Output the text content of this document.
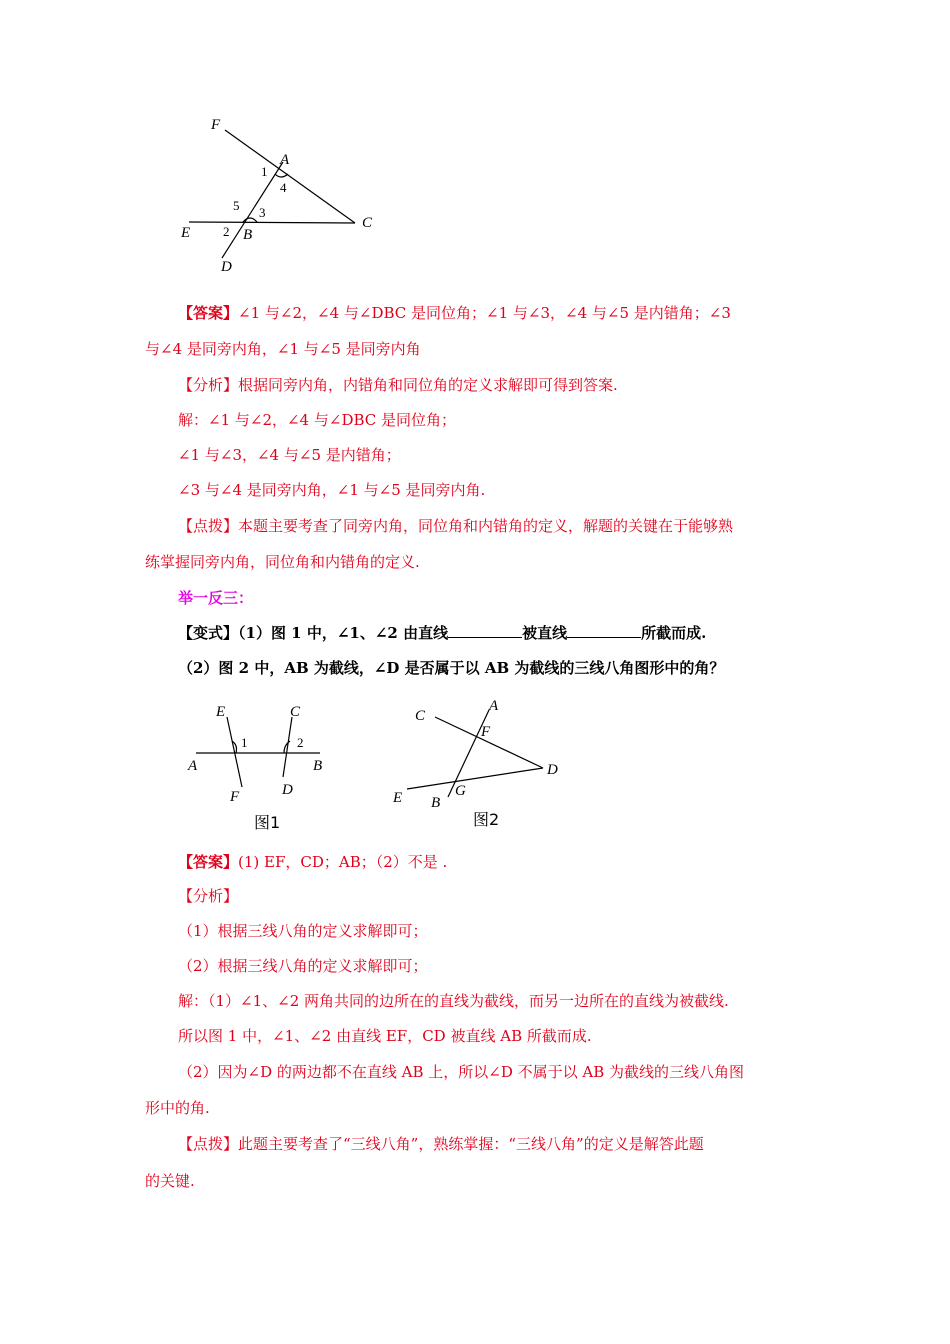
F
A
C
E	B
D
1
4
5 3
2
【答案】∠1 与∠2，∠4 与∠DBC 是同位角；∠1 与∠3，∠4 与∠5 是内错角；∠3
与∠4 是同旁内角，∠1 与∠5 是同旁内角
【分析】根据同旁内角，内错角和同位角的定义求解即可得到答案.
解：∠1 与∠2，∠4 与∠DBC 是同位角；
∠1 与∠3，∠4 与∠5 是内错角；
∠3 与∠4 是同旁内角，∠1 与∠5 是同旁内角.
【点拨】本题主要考查了同旁内角，同位角和内错角的定义，解题的关键在于能够熟
练掌握同旁内角，同位角和内错角的定义.
举一反三：
【变式】（1）图 1 中，∠1、∠2 由直线	被直线	所截而成.
（2）图 2 中，AB 为截线，∠D 是否属于以 AB 为截线的三线八角图形中的角？
E	C
A	B
F	D
1	2
图1
C
A
F
D
E B
G
图2
【答案】(1) EF，CD；AB；（2）不是 .
【分析】
（1）根据三线八角的定义求解即可；
（2）根据三线八角的定义求解即可；
解：（1）∠1、∠2 两角共同的边所在的直线为截线，而另一边所在的直线为被截线.
所以图 1 中，∠1、∠2 由直线 EF，CD 被直线 AB 所截而成.
（2）因为∠D 的两边都不在直线 AB 上，所以∠D 不属于以 AB 为截线的三线八角图
形中的角.
【点拨】此题主要考查了“三线八角”，熟练掌握：“三线八角”的定义是解答此题
的关键.
